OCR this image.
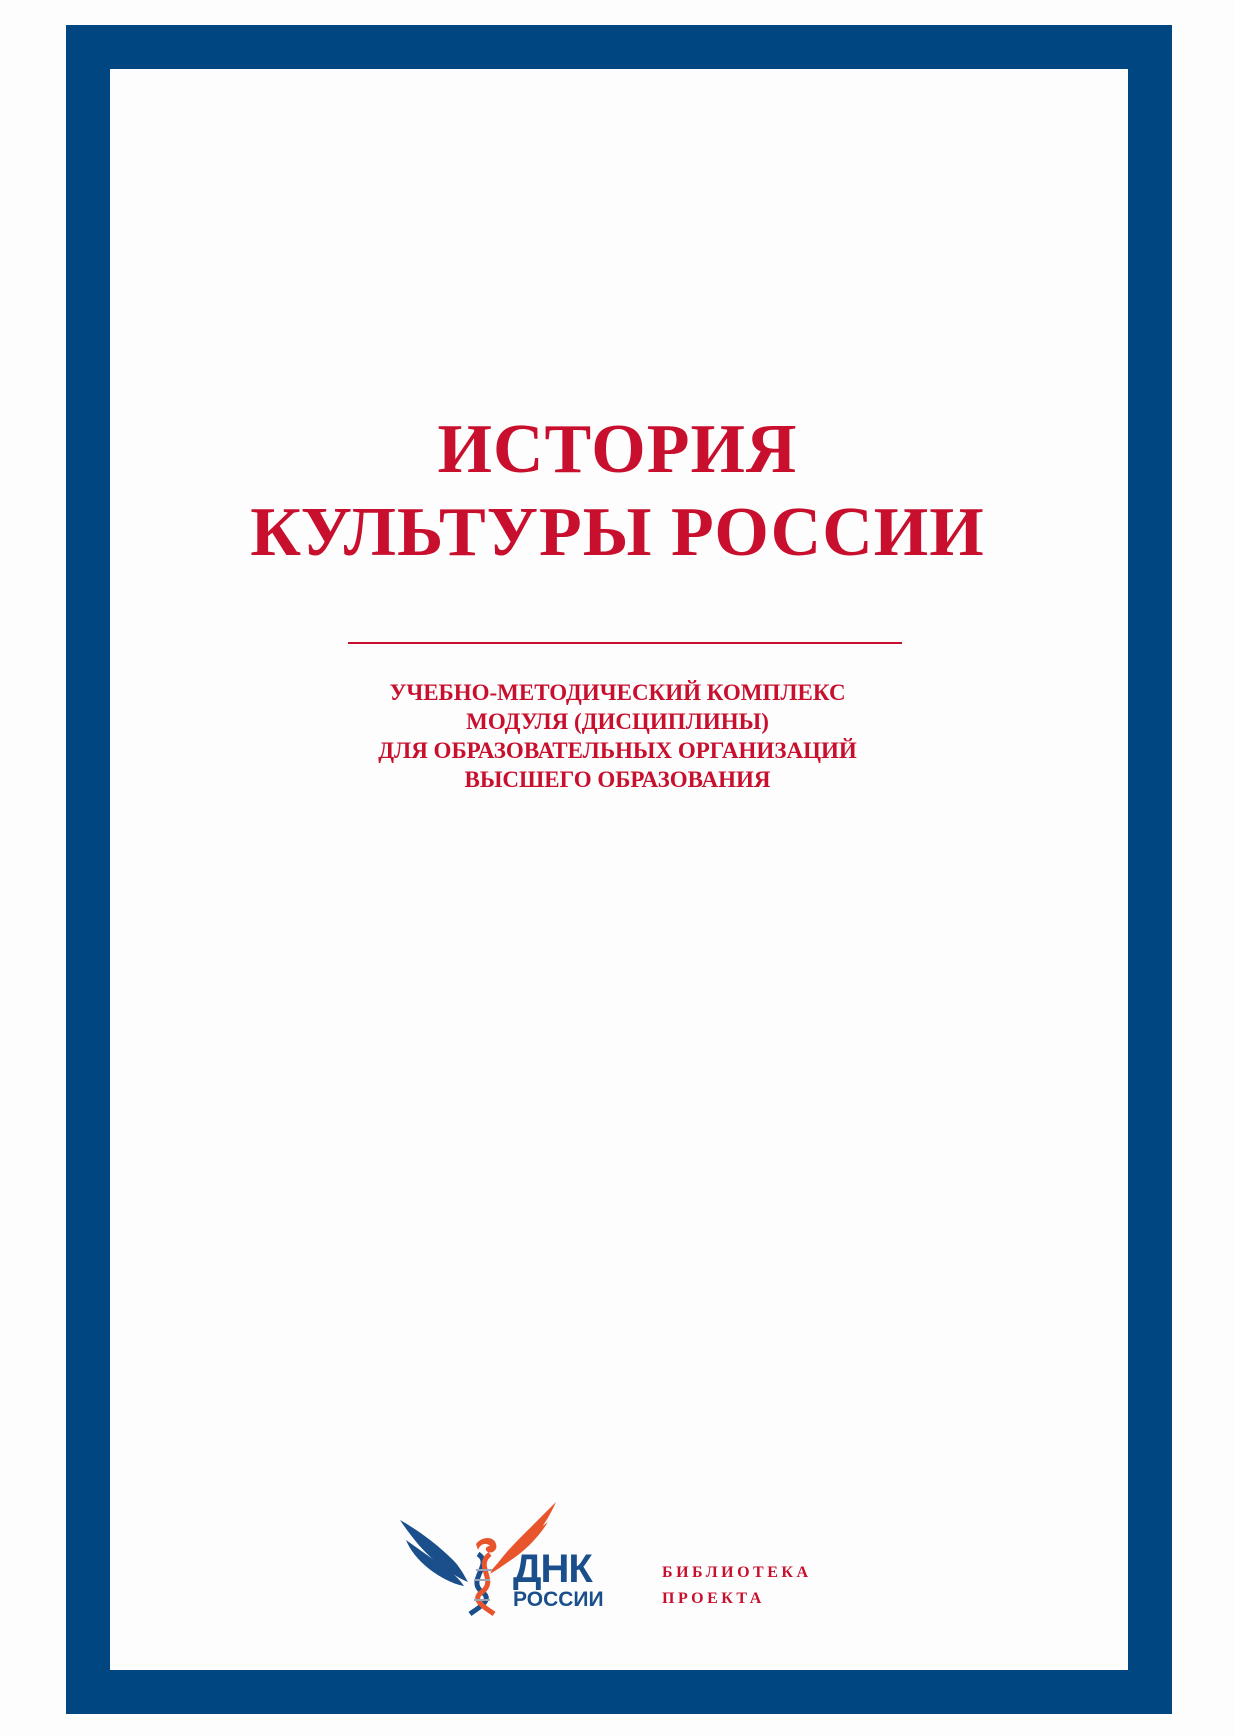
ИСТОРИЯ
КУЛЬТУРЫ РОССИИ
УЧЕБНО-МЕТОДИЧЕСКИЙ КОМПЛЕКС
МОДУЛЯ (ДИСЦИПЛИНЫ)
ДЛЯ ОБРАЗОВАТЕЛЬНЫХ ОРГАНИЗАЦИЙ
ВЫСШЕГО ОБРАЗОВАНИЯ
ДНК
РОССИИ
БИБЛИОТЕКА
ПРОЕКТА
